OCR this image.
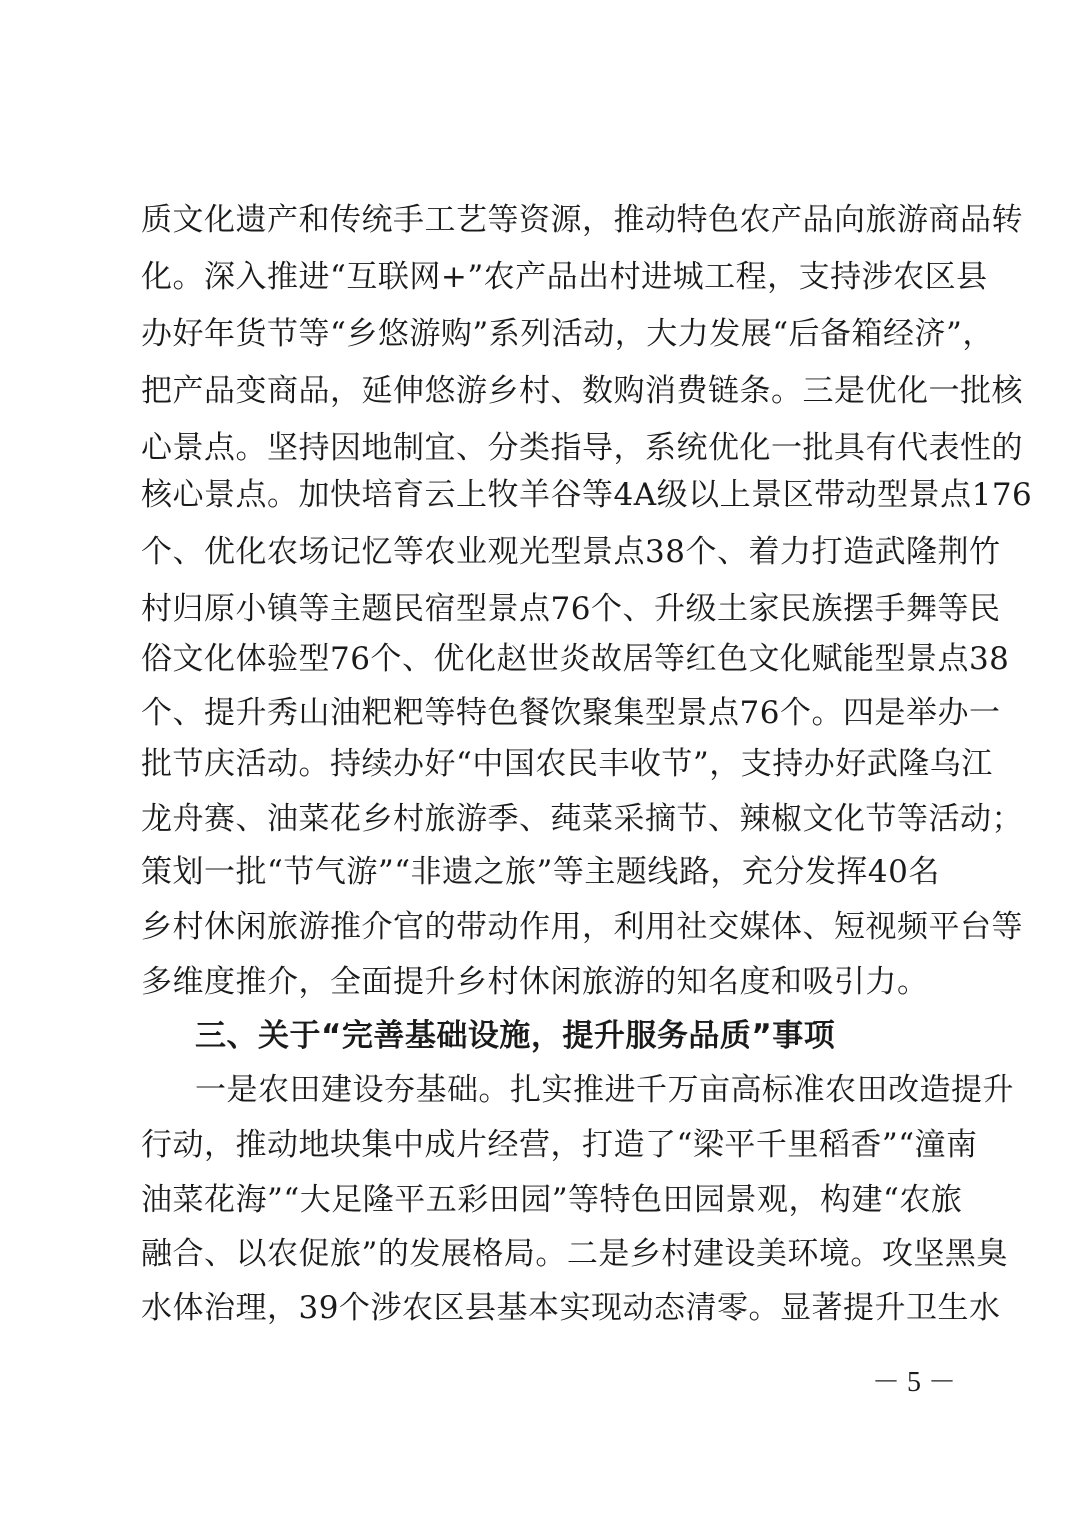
质文化遗产和传统手工艺等资源，推动特色农产品向旅游商品转
化。深入推进“互联网+”农产品出村进城工程，支持涉农区县
办好年货节等“乡悠游购”系列活动，大力发展“后备箱经济”，
把产品变商品，延伸悠游乡村、数购消费链条。三是优化一批核
心景点。坚持因地制宜、分类指导，系统优化一批具有代表性的
核心景点。加快培育云上牧羊谷等4A级以上景区带动型景点176
个、优化农场记忆等农业观光型景点38个、着力打造武隆荆竹
村归原小镇等主题民宿型景点76个、升级土家民族摆手舞等民
俗文化体验型76个、优化赵世炎故居等红色文化赋能型景点38
个、提升秀山油粑粑等特色餐饮聚集型景点76个。四是举办一
批节庆活动。持续办好“中国农民丰收节”，支持办好武隆乌江
龙舟赛、油菜花乡村旅游季、莼菜采摘节、辣椒文化节等活动；
策划一批“节气游”“非遗之旅”等主题线路，充分发挥40名
乡村休闲旅游推介官的带动作用，利用社交媒体、短视频平台等
多维度推介，全面提升乡村休闲旅游的知名度和吸引力。
三、关于“完善基础设施，提升服务品质”事项
一是农田建设夯基础。扎实推进千万亩高标准农田改造提升
行动，推动地块集中成片经营，打造了“梁平千里稻香”“潼南
油菜花海”“大足隆平五彩田园”等特色田园景观，构建“农旅
融合、以农促旅”的发展格局。二是乡村建设美环境。攻坚黑臭
水体治理，39个涉农区县基本实现动态清零。显著提升卫生水
－ 5 －
